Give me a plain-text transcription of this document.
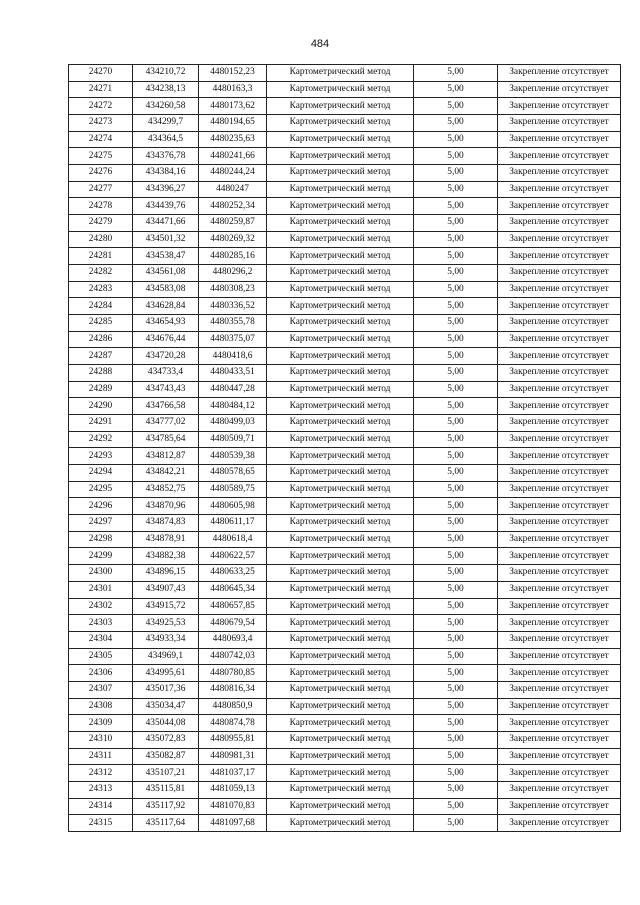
484
24270	434210,72	4480152,23	Картометрический метод	5,00	Закрепление отсутствует
24271	434238,13	4480163,3	Картометрический метод	5,00	Закрепление отсутствует
24272	434260,58	4480173,62	Картометрический метод	5,00	Закрепление отсутствует
24273	434299,7	4480194,65	Картометрический метод	5,00	Закрепление отсутствует
24274	434364,5	4480235,63	Картометрический метод	5,00	Закрепление отсутствует
24275	434376,78	4480241,66	Картометрический метод	5,00	Закрепление отсутствует
24276	434384,16	4480244,24	Картометрический метод	5,00	Закрепление отсутствует
24277	434396,27	4480247	Картометрический метод	5,00	Закрепление отсутствует
24278	434439,76	4480252,34	Картометрический метод	5,00	Закрепление отсутствует
24279	434471,66	4480259,87	Картометрический метод	5,00	Закрепление отсутствует
24280	434501,32	4480269,32	Картометрический метод	5,00	Закрепление отсутствует
24281	434538,47	4480285,16	Картометрический метод	5,00	Закрепление отсутствует
24282	434561,08	4480296,2	Картометрический метод	5,00	Закрепление отсутствует
24283	434583,08	4480308,23	Картометрический метод	5,00	Закрепление отсутствует
24284	434628,84	4480336,52	Картометрический метод	5,00	Закрепление отсутствует
24285	434654,93	4480355,78	Картометрический метод	5,00	Закрепление отсутствует
24286	434676,44	4480375,07	Картометрический метод	5,00	Закрепление отсутствует
24287	434720,28	4480418,6	Картометрический метод	5,00	Закрепление отсутствует
24288	434733,4	4480433,51	Картометрический метод	5,00	Закрепление отсутствует
24289	434743,43	4480447,28	Картометрический метод	5,00	Закрепление отсутствует
24290	434766,58	4480484,12	Картометрический метод	5,00	Закрепление отсутствует
24291	434777,02	4480499,03	Картометрический метод	5,00	Закрепление отсутствует
24292	434785,64	4480509,71	Картометрический метод	5,00	Закрепление отсутствует
24293	434812,87	4480539,38	Картометрический метод	5,00	Закрепление отсутствует
24294	434842,21	4480578,65	Картометрический метод	5,00	Закрепление отсутствует
24295	434852,75	4480589,75	Картометрический метод	5,00	Закрепление отсутствует
24296	434870,96	4480605,98	Картометрический метод	5,00	Закрепление отсутствует
24297	434874,83	4480611,17	Картометрический метод	5,00	Закрепление отсутствует
24298	434878,91	4480618,4	Картометрический метод	5,00	Закрепление отсутствует
24299	434882,38	4480622,57	Картометрический метод	5,00	Закрепление отсутствует
24300	434896,15	4480633,25	Картометрический метод	5,00	Закрепление отсутствует
24301	434907,43	4480645,34	Картометрический метод	5,00	Закрепление отсутствует
24302	434915,72	4480657,85	Картометрический метод	5,00	Закрепление отсутствует
24303	434925,53	4480679,54	Картометрический метод	5,00	Закрепление отсутствует
24304	434933,34	4480693,4	Картометрический метод	5,00	Закрепление отсутствует
24305	434969,1	4480742,03	Картометрический метод	5,00	Закрепление отсутствует
24306	434995,61	4480780,85	Картометрический метод	5,00	Закрепление отсутствует
24307	435017,36	4480816,34	Картометрический метод	5,00	Закрепление отсутствует
24308	435034,47	4480850,9	Картометрический метод	5,00	Закрепление отсутствует
24309	435044,08	4480874,78	Картометрический метод	5,00	Закрепление отсутствует
24310	435072,83	4480955,81	Картометрический метод	5,00	Закрепление отсутствует
24311	435082,87	4480981,31	Картометрический метод	5,00	Закрепление отсутствует
24312	435107,21	4481037,17	Картометрический метод	5,00	Закрепление отсутствует
24313	435115,81	4481059,13	Картометрический метод	5,00	Закрепление отсутствует
24314	435117,92	4481070,83	Картометрический метод	5,00	Закрепление отсутствует
24315	435117,64	4481097,68	Картометрический метод	5,00	Закрепление отсутствует
